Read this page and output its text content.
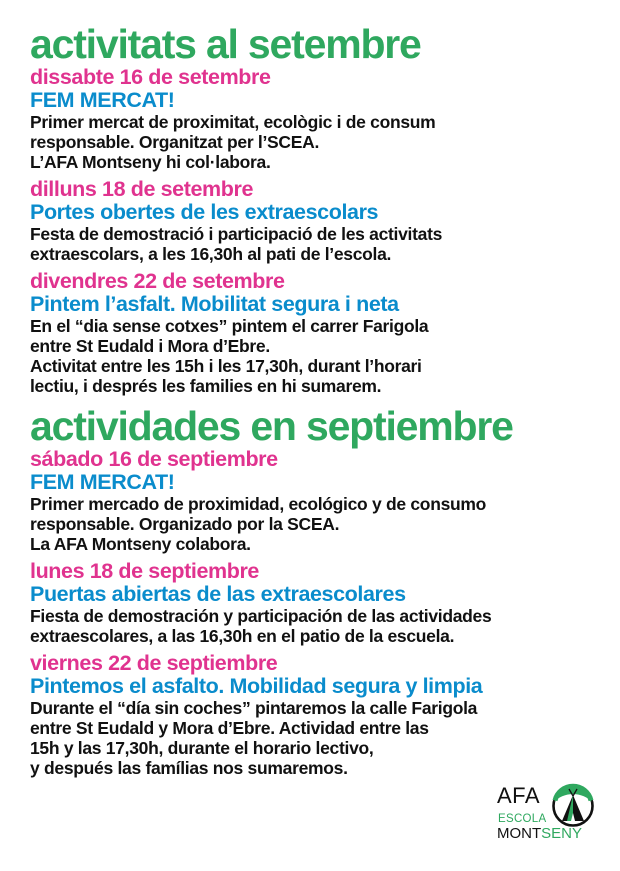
activitats al setembre

dissabte 16 de setembre

FEM MERCAT!

Primer mercat de proximitat, ecològic i de consum

responsable. Organitzat per l’SCEA.

L’AFA Montseny hi col·labora.

dilluns 18 de setembre

Portes obertes de les extraescolars

Festa de demostració i participació de les activitats

extraescolars, a les 16,30h al pati de l’escola.

divendres 22 de setembre

Pintem l’asfalt. Mobilitat segura i neta

En el “dia sense cotxes” pintem el carrer Farigola

entre St Eudald i Mora d’Ebre.

Activitat entre les 15h i les 17,30h, durant l’horari

lectiu, i després les families en hi sumarem.

actividades en septiembre

sábado 16 de septiembre

FEM MERCAT!

Primer mercado de proximidad, ecológico y de consumo

responsable. Organizado por la SCEA.

La AFA Montseny colabora.

lunes 18 de septiembre

Puertas abiertas de las extraescolares

Fiesta de demostración y participación de las actividades

extraescolares, a las 16,30h en el patio de la escuela.

viernes 22 de septiembre

Pintemos el asfalto. Mobilidad segura y limpia

Durante el “día sin coches” pintaremos la calle Farigola

entre St Eudald y Mora d’Ebre. Actividad entre las

15h y las 17,30h, durante el horario lectivo,

y después las famílias nos sumaremos.

AFA
ESCOLA
MONTSENY
